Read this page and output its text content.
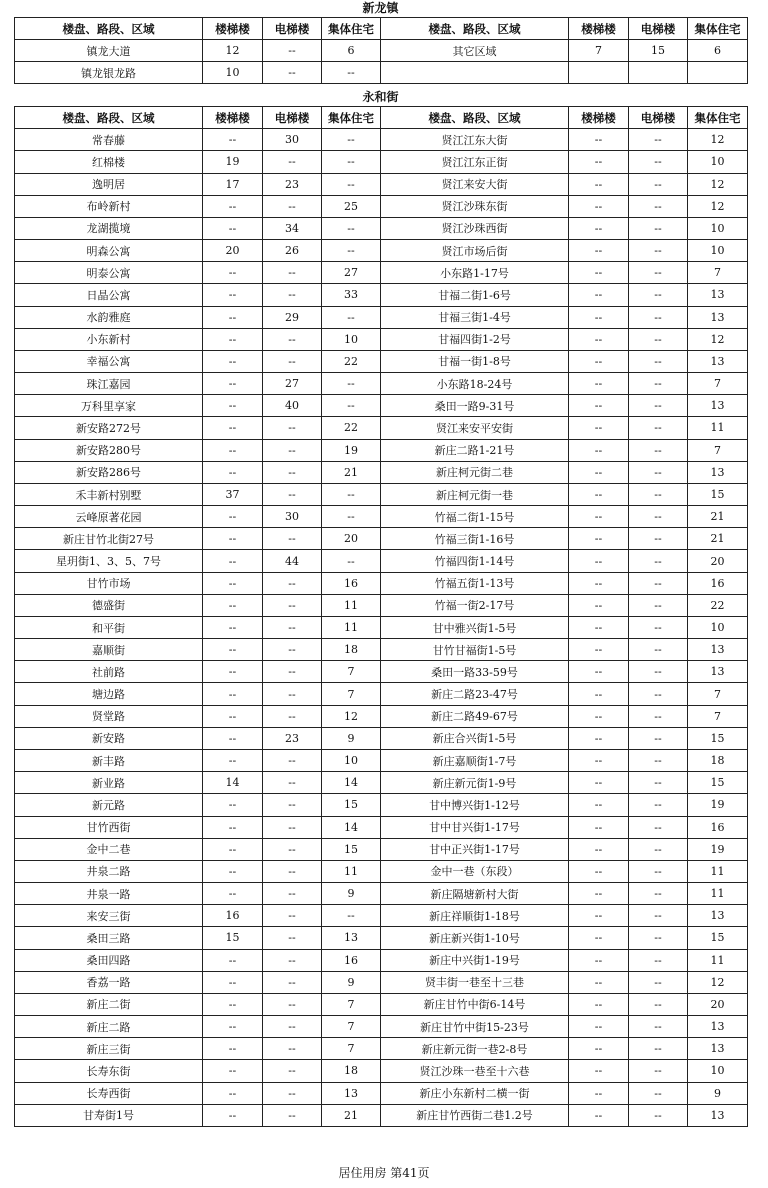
新龙镇
楼盘、路段、区域	楼梯楼	电梯楼	集体住宅	楼盘、路段、区域	楼梯楼	电梯楼	集体住宅
镇龙大道	12	--	6	其它区域	7	15	6
镇龙银龙路	10	--	--				
永和街
楼盘、路段、区域	楼梯楼	电梯楼	集体住宅	楼盘、路段、区域	楼梯楼	电梯楼	集体住宅
常春藤	--	30	--	贤江江东大街	--	--	12
红棉楼	19	--	--	贤江江东正街	--	--	10
逸明居	17	23	--	贤江来安大街	--	--	12
布岭新村	--	--	25	贤江沙珠东街	--	--	12
龙湖揽境	--	34	--	贤江沙珠西街	--	--	10
明森公寓	20	26	--	贤江市场后街	--	--	10
明泰公寓	--	--	27	小东路1-17号	--	--	7
日晶公寓	--	--	33	甘福二街1-6号	--	--	13
水韵雅庭	--	29	--	甘福三街1-4号	--	--	13
小东新村	--	--	10	甘福四街1-2号	--	--	12
幸福公寓	--	--	22	甘福一街1-8号	--	--	13
珠江嘉园	--	27	--	小东路18-24号	--	--	7
万科里享家	--	40	--	桑田一路9-31号	--	--	13
新安路272号	--	--	22	贤江来安平安街	--	--	11
新安路280号	--	--	19	新庄二路1-21号	--	--	7
新安路286号	--	--	21	新庄柯元街二巷	--	--	13
禾丰新村别墅	37	--	--	新庄柯元街一巷	--	--	15
云峰原著花园	--	30	--	竹福二街1-15号	--	--	21
新庄甘竹北街27号	--	--	20	竹福三街1-16号	--	--	21
星玥街1、3、5、7号	--	44	--	竹福四街1-14号	--	--	20
甘竹市场	--	--	16	竹福五街1-13号	--	--	16
德盛街	--	--	11	竹福一街2-17号	--	--	22
和平街	--	--	11	甘中雅兴街1-5号	--	--	10
嘉顺街	--	--	18	甘竹甘福街1-5号	--	--	13
社前路	--	--	7	桑田一路33-59号	--	--	13
塘边路	--	--	7	新庄二路23-47号	--	--	7
贤堂路	--	--	12	新庄二路49-67号	--	--	7
新安路	--	23	9	新庄合兴街1-5号	--	--	15
新丰路	--	--	10	新庄嘉顺街1-7号	--	--	18
新业路	14	--	14	新庄新元街1-9号	--	--	15
新元路	--	--	15	甘中博兴街1-12号	--	--	19
甘竹西街	--	--	14	甘中甘兴街1-17号	--	--	16
金中二巷	--	--	15	甘中正兴街1-17号	--	--	19
井泉二路	--	--	11	金中一巷（东段）	--	--	11
井泉一路	--	--	9	新庄隔塘新村大街	--	--	11
来安三街	16	--	--	新庄祥顺街1-18号	--	--	13
桑田三路	15	--	13	新庄新兴街1-10号	--	--	15
桑田四路	--	--	16	新庄中兴街1-19号	--	--	11
香荔一路	--	--	9	贤丰街一巷至十三巷	--	--	12
新庄二街	--	--	7	新庄甘竹中街6-14号	--	--	20
新庄二路	--	--	7	新庄甘竹中街15-23号	--	--	13
新庄三街	--	--	7	新庄新元街一巷2-8号	--	--	13
长寿东街	--	--	18	贤江沙珠一巷至十六巷	--	--	10
长寿西街	--	--	13	新庄小东新村二横一街	--	--	9
甘寿街1号	--	--	21	新庄甘竹西街二巷1.2号	--	--	13
居住用房 第41页
